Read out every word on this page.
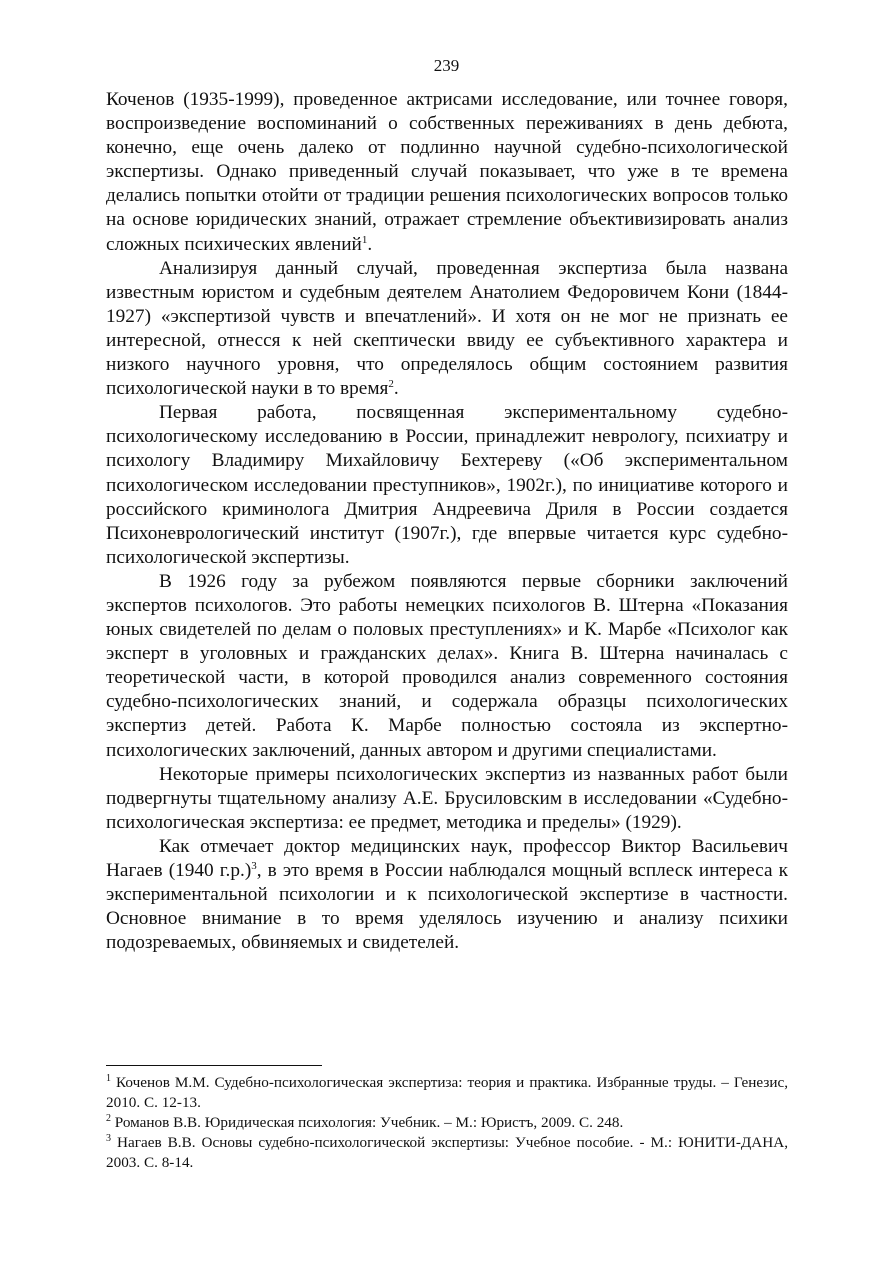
239

Коченов (1935-1999), проведенное актрисами исследование, или точнее говоря, воспроизведение воспоминаний о собственных переживаниях в день дебюта, конечно, еще очень далеко от подлинно научной судебно-психологической экспертизы. Однако приведенный случай показывает, что уже в те времена делались попытки отойти от традиции решения психологических вопросов только на основе юридических знаний, отражает стремление объективизировать анализ сложных психических явлений$^1$.

Анализируя данный случай, проведенная экспертиза была названа известным юристом и судебным деятелем Анатолием Федоровичем Кони (1844-1927) «экспертизой чувств и впечатлений». И хотя он не мог не признать ее интересной, отнесся к ней скептически ввиду ее субъективного характера и низкого научного уровня, что определялось общим состоянием развития психологической науки в то время$^2$.

Первая работа, посвященная экспериментальному судебно-психологическому исследованию в России, принадлежит неврологу, психиатру и психологу Владимиру Михайловичу Бехтереву («Об экспериментальном психологическом исследовании преступников», 1902г.), по инициативе которого и российского криминолога Дмитрия Андреевича Дриля в России создается Психоневрологический институт (1907г.), где впервые читается курс судебно-психологической экспертизы.

В 1926 году за рубежом появляются первые сборники заключений экспертов психологов. Это работы немецких психологов В. Штерна «Показания юных свидетелей по делам о половых преступлениях» и К. Марбе «Психолог как эксперт в уголовных и гражданских делах». Книга В. Штерна начиналась с теоретической части, в которой проводился анализ современного состояния судебно-психологических знаний, и содержала образцы психологических экспертиз детей. Работа К. Марбе полностью состояла из экспертно-психологических заключений, данных автором и другими специалистами.

Некоторые примеры психологических экспертиз из названных работ были подвергнуты тщательному анализу А.Е. Брусиловским в исследовании «Судебно-психологическая экспертиза: ее предмет, методика и пределы» (1929).

Как отмечает доктор медицинских наук, профессор Виктор Васильевич Нагаев (1940 г.р.)$^3$, в это время в России наблюдался мощный всплеск интереса к экспериментальной психологии и к психологической экспертизе в частности. Основное внимание в то время уделялось изучению и анализу психики подозреваемых, обвиняемых и свидетелей.

$^1$ Коченов М.М. Судебно-психологическая экспертиза: теория и практика. Избранные труды. – Генезис, 2010. С. 12-13.

$^2$ Романов В.В. Юридическая психология: Учебник. – М.: Юристъ, 2009. С. 248.

$^3$ Нагаев В.В. Основы судебно-психологической экспертизы: Учебное пособие. - М.: ЮНИТИ-ДАНА, 2003. С. 8-14.
